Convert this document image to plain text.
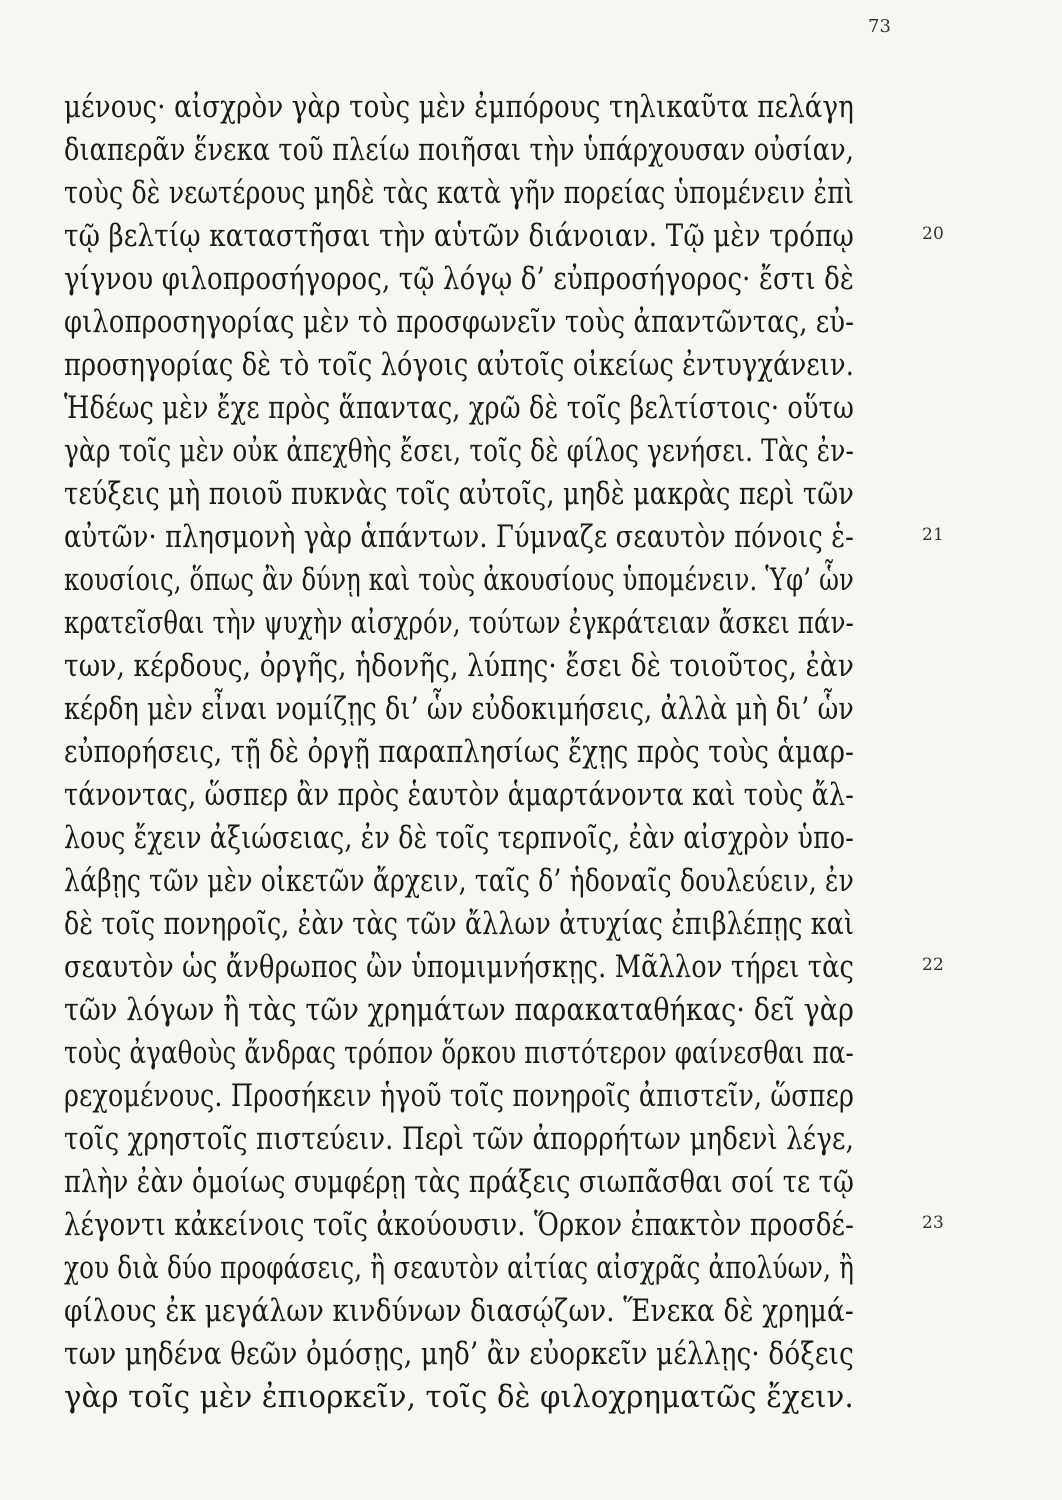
73
μένους· αἰσχρὸν γὰρ τοὺς μὲν ἐμπόρους τηλικαῦτα πελάγη
διαπερᾶν ἕνεκα τοῦ πλείω ποιῆσαι τὴν ὑπάρχουσαν οὐσίαν,
τοὺς δὲ νεωτέρους μηδὲ τὰς κατὰ γῆν πορείας ὑπομένειν ἐπὶ
τῷ βελτίῳ καταστῆσαι τὴν αὑτῶν διάνοιαν. Τῷ μὲν τρόπῳ	20
γίγνου φιλοπροσήγορος, τῷ λόγῳ δ’ εὐπροσήγορος· ἔστι δὲ
φιλοπροσηγορίας μὲν τὸ προσφωνεῖν τοὺς ἀπαντῶντας, εὐ-
προσηγορίας δὲ τὸ τοῖς λόγοις αὐτοῖς οἰκείως ἐντυγχάνειν.
Ἡδέως μὲν ἔχε πρὸς ἅπαντας, χρῶ δὲ τοῖς βελτίστοις· οὕτω
γὰρ τοῖς μὲν οὐκ ἀπεχθὴς ἔσει, τοῖς δὲ φίλος γενήσει. Τὰς ἐν-
τεύξεις μὴ ποιοῦ πυκνὰς τοῖς αὐτοῖς, μηδὲ μακρὰς περὶ τῶν
αὐτῶν· πλησμονὴ γὰρ ἁπάντων. Γύμναζε σεαυτὸν πόνοις ἑ-	21
κουσίοις, ὅπως ἂν δύνῃ καὶ τοὺς ἀκουσίους ὑπομένειν. Ὑφ’ ὧν
κρατεῖσθαι τὴν ψυχὴν αἰσχρόν, τούτων ἐγκράτειαν ἄσκει πάν-
των, κέρδους, ὀργῆς, ἡδονῆς, λύπης· ἔσει δὲ τοιοῦτος, ἐὰν
κέρδη μὲν εἶναι νομίζῃς δι’ ὧν εὐδοκιμήσεις, ἀλλὰ μὴ δι’ ὧν
εὐπορήσεις, τῇ δὲ ὀργῇ παραπλησίως ἔχῃς πρὸς τοὺς ἁμαρ-
τάνοντας, ὥσπερ ἂν πρὸς ἑαυτὸν ἁμαρτάνοντα καὶ τοὺς ἄλ-
λους ἔχειν ἀξιώσειας, ἐν δὲ τοῖς τερπνοῖς, ἐὰν αἰσχρὸν ὑπο-
λάβῃς τῶν μὲν οἰκετῶν ἄρχειν, ταῖς δ’ ἡδοναῖς δουλεύειν, ἐν
δὲ τοῖς πονηροῖς, ἐὰν τὰς τῶν ἄλλων ἀτυχίας ἐπιβλέπῃς καὶ
σεαυτὸν ὡς ἄνθρωπος ὢν ὑπομιμνήσκῃς. Μᾶλλον τήρει τὰς	22
τῶν λόγων ἢ τὰς τῶν χρημάτων παρακαταθήκας· δεῖ γὰρ
τοὺς ἀγαθοὺς ἄνδρας τρόπον ὅρκου πιστότερον φαίνεσθαι πα-
ρεχομένους. Προσήκειν ἡγοῦ τοῖς πονηροῖς ἀπιστεῖν, ὥσπερ
τοῖς χρηστοῖς πιστεύειν. Περὶ τῶν ἀπορρήτων μηδενὶ λέγε,
πλὴν ἐὰν ὁμοίως συμφέρῃ τὰς πράξεις σιωπᾶσθαι σοί τε τῷ
λέγοντι κἀκείνοις τοῖς ἀκούουσιν. Ὅρκον ἐπακτὸν προσδέ-	23
χου διὰ δύο προφάσεις, ἢ σεαυτὸν αἰτίας αἰσχρᾶς ἀπολύων, ἢ
φίλους ἐκ μεγάλων κινδύνων διασῴζων. Ἕνεκα δὲ χρημά-
των μηδένα θεῶν ὀμόσῃς, μηδ’ ἂν εὐορκεῖν μέλλῃς· δόξεις
γὰρ τοῖς μὲν ἐπιορκεῖν, τοῖς δὲ φιλοχρηματῶς ἔχειν.
